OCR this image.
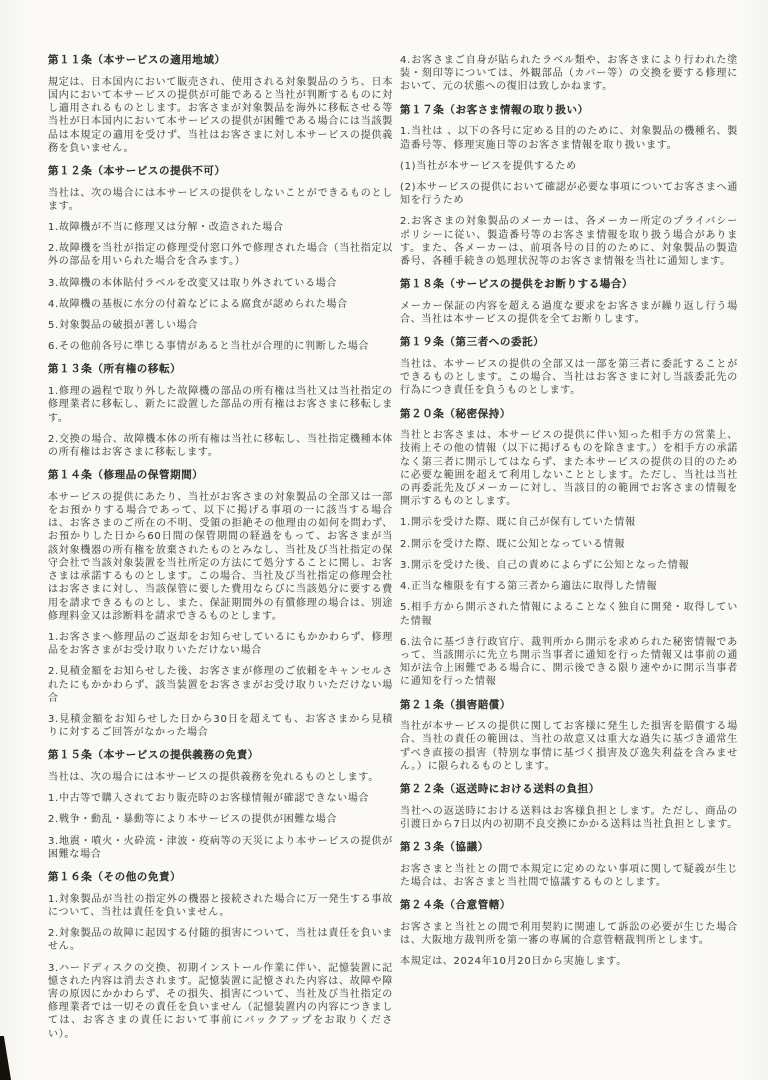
第１１条（本サービスの適用地域）

規定は、日本国内において販売され、使用される対象製品のうち、日本国内において本サービスの提供が可能であると当社が判断するものに対し適用されるものとします。お客さまが対象製品を海外に移転させる等当社が日本国内において本サービスの提供が困難である場合には当該製品は本規定の適用を受けず、当社はお客さまに対し本サービスの提供義務を負いません。

第１２条（本サービスの提供不可）

当社は、次の場合には本サービスの提供をしないことができるものとします。

1.故障機が不当に修理又は分解・改造された場合

2.故障機を当社が指定の修理受付窓口外で修理された場合（当社指定以外の部品を用いられた場合を含みます。）

3.故障機の本体貼付ラベルを改変又は取り外されている場合

4.故障機の基板に水分の付着などによる腐食が認められた場合

5.対象製品の破損が著しい場合

6.その他前各号に準じる事情があると当社が合理的に判断した場合

第１３条（所有権の移転）

1.修理の過程で取り外した故障機の部品の所有権は当社又は当社指定の修理業者に移転し、新たに設置した部品の所有権はお客さまに移転します。

2.交換の場合、故障機本体の所有権は当社に移転し、当社指定機種本体の所有権はお客さまに移転します。

第１４条（修理品の保管期間）

本サービスの提供にあたり、当社がお客さまの対象製品の全部又は一部をお預かりする場合であって、以下に掲げる事項の一に該当する場合は、お客さまのご所在の不明、受領の拒絶その他理由の如何を問わず、お預かりした日から60日間の保管期間の経過をもって、お客さまが当該対象機器の所有権を放棄されたものとみなし、当社及び当社指定の保守会社で当該対象装置を当社所定の方法にて処分することに関し、お客さまは承諾するものとします。この場合、当社及び当社指定の修理会社はお客さまに対し、当該保管に要した費用ならびに当該処分に要する費用を請求できるものとし、また、保証期間外の有償修理の場合は、別途修理料金又は診断料を請求できるものとします。

1.お客さまへ修理品のご返却をお知らせしているにもかかわらず、修理品をお客さまがお受け取りいただけない場合

2.見積金額をお知らせした後、お客さまが修理のご依頼をキャンセルされたにもかかわらず、該当装置をお客さまがお受け取りいただけない場合

3.見積金額をお知らせした日から30日を超えても、お客さまから見積りに対するご回答がなかった場合

第１５条（本サービスの提供義務の免責）

当社は、次の場合には本サービスの提供義務を免れるものとします。

1.中古等で購入されており販売時のお客様情報が確認できない場合

2.戦争・動乱・暴動等により本サービスの提供が困難な場合

3.地震・噴火・火砕流・津波・疫病等の天災により本サービスの提供が困難な場合

第１６条（その他の免責）

1.対象製品が当社の指定外の機器と接続された場合に万一発生する事故について、当社は責任を負いません。

2.対象製品の故障に起因する付随的損害について、当社は責任を負いません。

3.ハードディスクの交換、初期インストール作業に伴い、記憶装置に記憶された内容は消去されます。記憶装置に記憶された内容は、故障や障害の原因にかかわらず、その損失、損害について、当社及び当社指定の修理業者では一切その責任を負いません（記憶装置内の内容につきましては、お客さまの責任において事前にバックアップをお取りください）。

4.お客さまご自身が貼られたラベル類や、お客さまにより行われた塗装・刻印等については、外観部品（カバー等）の交換を要する修理において、元の状態への復旧は致しかねます。

第１７条（お客さま情報の取り扱い）

1.当社は 、以下の各号に定める目的のために、対象製品の機種名、製造番号等、修理実施日等のお客さま情報を取り扱います。

(1)当社が本サービスを提供するため

(2)本サービスの提供において確認が必要な事項についてお客さまへ通知を行うため

2.お客さまの対象製品のメーカーは、各メーカー所定のプライバシーポリシーに従い、製造番号等のお客さま情報を取り扱う場合があります。また、各メーカーは、前項各号の目的のために、対象製品の製造番号、各種手続きの処理状況等のお客さま情報を当社に通知します。

第１８条（サービスの提供をお断りする場合）

メーカー保証の内容を超える過度な要求をお客さまが繰り返し行う場合、当社は本サービスの提供を全てお断りします。

第１９条（第三者への委託）

当社は、本サービスの提供の全部又は一部を第三者に委託することができるものとします。この場合、当社はお客さまに対し当該委託先の行為につき責任を負うものとします。

第２０条（秘密保持）

当社とお客さまは、本サービスの提供に伴い知った相手方の営業上、技術上その他の情報（以下に掲げるものを除きます。）を相手方の承諾なく第三者に開示してはならず、また本サービスの提供の目的のために必要な範囲を超えて利用しないこととします。ただし、当社は当社の再委託先及びメーカーに対し、当該目的の範囲でお客さまの情報を開示するものとします。

1.開示を受けた際、既に自己が保有していた情報

2.開示を受けた際、既に公知となっている情報

3.開示を受けた後、自己の責めによらずに公知となった情報

4.正当な権限を有する第三者から適法に取得した情報

5.相手方から開示された情報によることなく独自に開発・取得していた情報

6.法令に基づき行政官庁、裁判所から開示を求められた秘密情報であって、当該開示に先立ち開示当事者に通知を行った情報又は事前の通知が法令上困難である場合に、開示後できる限り速やかに開示当事者に通知を行った情報

第２１条（損害賠償）

当社が本サービスの提供に関してお客様に発生した損害を賠償する場合、当社の責任の範囲は、当社の故意又は重大な過失に基づき通常生ずべき直接の損害（特別な事情に基づく損害及び逸失利益を含みません。）に限られるものとします。

第２２条（返送時における送料の負担）

当社への返送時における送料はお客様負担とします。ただし、商品の引渡日から7日以内の初期不良交換にかかる送料は当社負担とします。

第２３条（協議）

お客さまと当社との間で本規定に定めのない事項に関して疑義が生じた場合は、お客さまと当社間で協議するものとします。

第２４条（合意管轄）

お客さまと当社との間で利用契約に関連して訴訟の必要が生じた場合は、大阪地方裁判所を第一審の専属的合意管轄裁判所とします。

本規定は、2024年10月20日から実施します。
